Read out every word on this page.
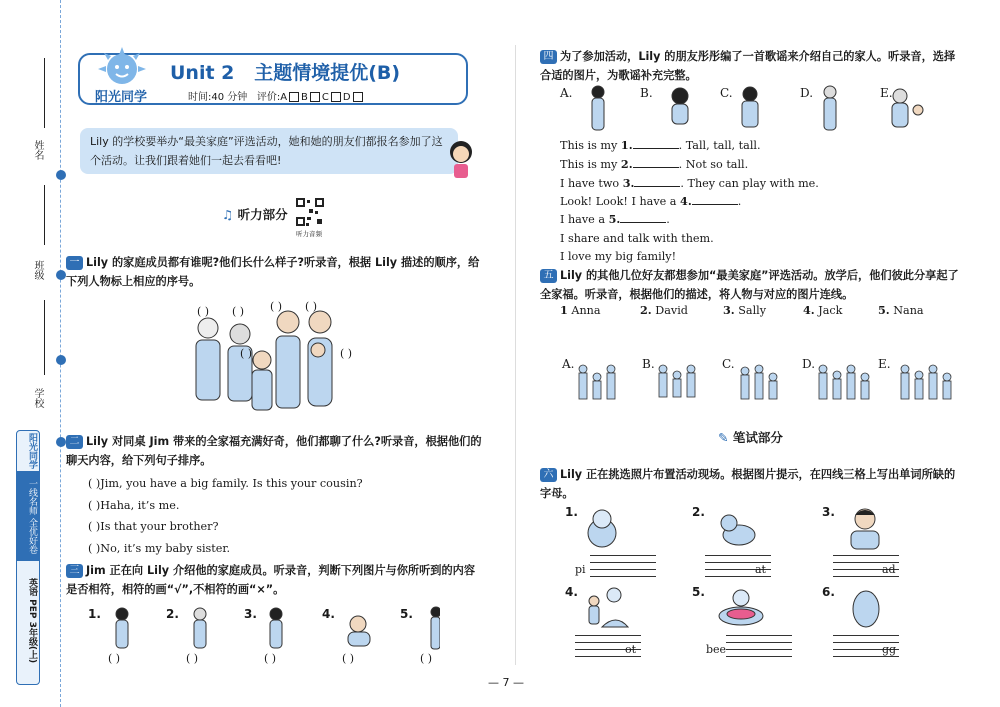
姓名
班级
学校
阳光同学
一线名师 全优好卷
英语 PEP 3年级(上)
阳光同学
Unit 2 主题情境提优(B)
时间:40 分钟 评价:A B C D
Lily 的学校要举办“最美家庭”评选活动，她和她的朋友们都报名参加了这个活动。让我们跟着她们一起去看看吧!
♫ 听力部分
听力音频
一 Lily 的家庭成员都有谁呢?他们长什么样子?听录音，根据 Lily 描述的顺序，给下列人物标上相应的序号。
( ) ( ) ( ) ( )
( )	( )
二 Lily 对同桌 Jim 带来的全家福充满好奇，他们都聊了什么?听录音，根据他们的聊天内容，给下列句子排序。
( )Jim, you have a big family. Is this your cousin?
( )Haha, it’s me.
( )Is that your brother?
( )No, it’s my baby sister.
三 Jim 正在向 Lily 介绍他的家庭成员。听录音，判断下列图片与你所听到的内容是否相符，相符的画“√”,不相符的画“×”。
1.	2.	3.	4.	5.
( )	( )	( )	( )	( )
四 为了参加活动，Lily 的朋友彤彤编了一首歌谣来介绍自己的家人。听录音，选择合适的图片，为歌谣补充完整。
A.	B.	C.	D.	E.
This is my 1.	. Tall, tall, tall.
This is my 2.	. Not so tall.
I have two 3.	. They can play with me.
Look! Look! I have a 4.	.
I have a 5.	.
I share and talk with them.
I love my big family!
五 Lily 的其他几位好友都想参加“最美家庭”评选活动。放学后，他们彼此分享起了全家福。听录音，根据他们的描述，将人物与对应的图片连线。
1 Anna	2. David	3. Sally	4. Jack	5. Nana
A.	B.	C.	D.	E.
✎ 笔试部分
六 Lily 正在挑选照片布置活动现场。根据图片提示，在四线三格上写出单词所缺的字母。
1.
pi
2.
at
3.
ad
4.
ot
5.
bee
6.
gg
— 7 —
